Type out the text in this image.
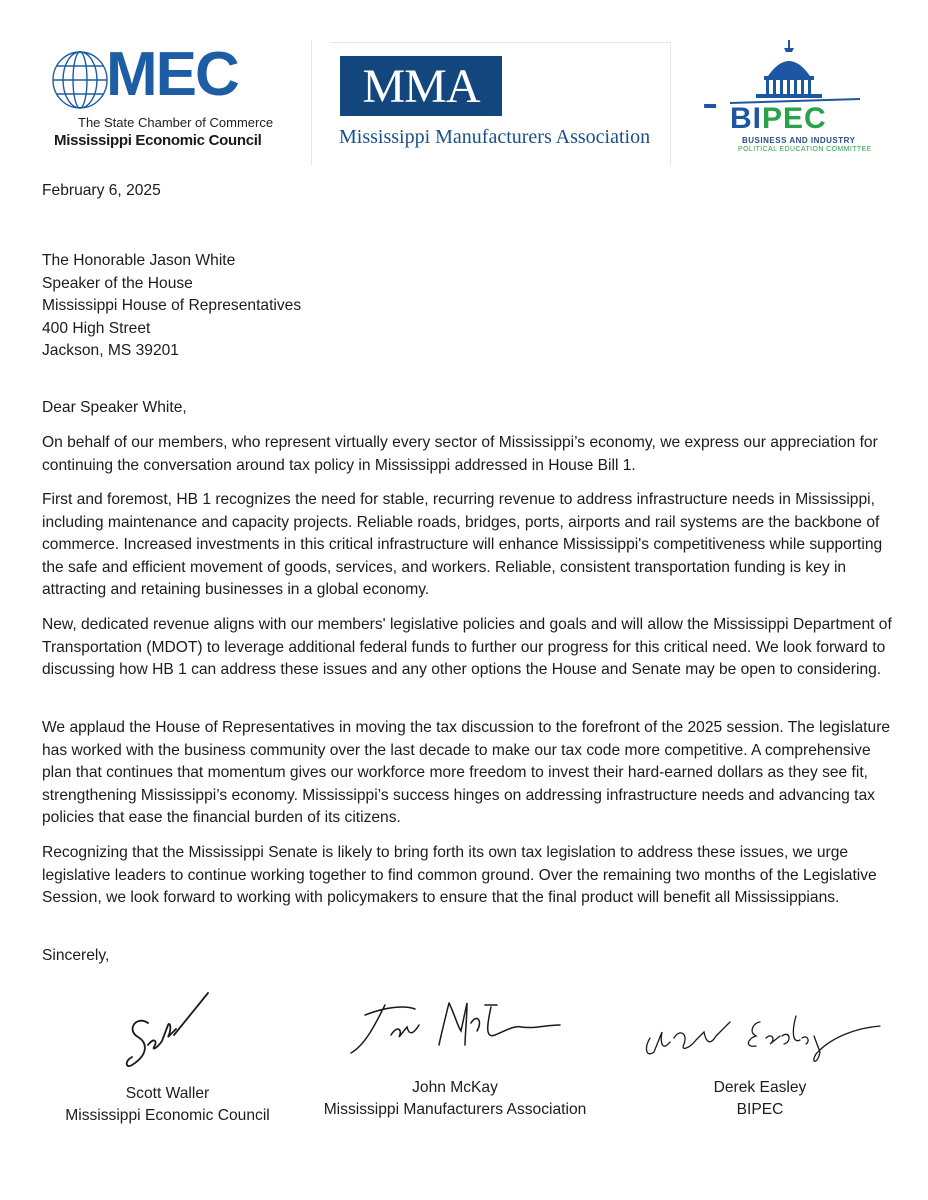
MEC
The State Chamber of Commerce
Mississippi Economic Council
MMA
Mississippi Manufacturers Association
BIPEC
BUSINESS AND INDUSTRY
POLITICAL EDUCATION COMMITTEE
February 6, 2025
The Honorable Jason White
Speaker of the House
Mississippi House of Representatives
400 High Street
Jackson, MS 39201
Dear Speaker White,
On behalf of our members, who represent virtually every sector of Mississippi’s economy, we express our appreciation for continuing the conversation around tax policy in Mississippi addressed in House Bill 1.
First and foremost, HB 1 recognizes the need for stable, recurring revenue to address infrastructure needs in Mississippi, including maintenance and capacity projects. Reliable roads, bridges, ports, airports and rail systems are the backbone of commerce. Increased investments in this critical infrastructure will enhance Mississippi's competitiveness while supporting the safe and efficient movement of goods, services, and workers. Reliable, consistent transportation funding is key in attracting and retaining businesses in a global economy.
New, dedicated revenue aligns with our members' legislative policies and goals and will allow the Mississippi Department of Transportation (MDOT) to leverage additional federal funds to further our progress for this critical need. We look forward to discussing how HB 1 can address these issues and any other options the House and Senate may be open to considering.
We applaud the House of Representatives in moving the tax discussion to the forefront of the 2025 session. The legislature has worked with the business community over the last decade to make our tax code more competitive. A comprehensive plan that continues that momentum gives our workforce more freedom to invest their hard-earned dollars as they see fit, strengthening Mississippi’s economy. Mississippi’s success hinges on addressing infrastructure needs and advancing tax policies that ease the financial burden of its citizens.
Recognizing that the Mississippi Senate is likely to bring forth its own tax legislation to address these issues, we urge legislative leaders to continue working together to find common ground. Over the remaining two months of the Legislative Session, we look forward to working with policymakers to ensure that the final product will benefit all Mississippians.
Sincerely,
Scott Waller
Mississippi Economic Council
John McKay
Mississippi Manufacturers Association
Derek Easley
BIPEC
